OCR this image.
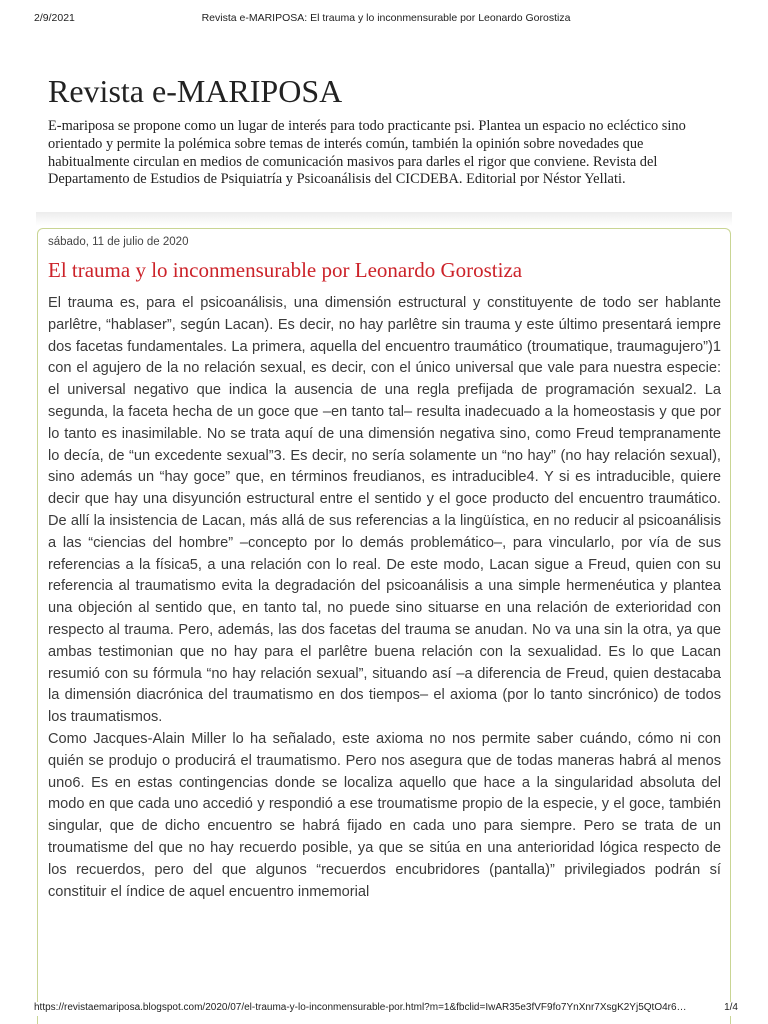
2/9/2021	Revista e-MARIPOSA: El trauma y lo inconmensurable por Leonardo Gorostiza
Revista e-MARIPOSA

E-mariposa se propone como un lugar de interés para todo practicante psi. Plantea un espacio no ecléctico sino orientado y permite la polémica sobre temas de interés común, también la opinión sobre novedades que habitualmente circulan en medios de comunicación masivos para darles el rigor que conviene. Revista del Departamento de Estudios de Psiquiatría y Psicoanálisis del CICDEBA. Editorial por Néstor Yellati.

sábado, 11 de julio de 2020
El trauma y lo inconmensurable por Leonardo Gorostiza

El trauma es, para el psicoanálisis, una dimensión estructural y constituyente de todo ser hablante parlêtre, “hablaser”, según Lacan). Es decir, no hay parlêtre sin trauma y este último presentará iempre dos facetas fundamentales. La primera, aquella del encuentro traumático (troumatique, traumagujero”)1 con el agujero de la no relación sexual, es decir, con el único universal que vale para nuestra especie: el universal negativo que indica la ausencia de una regla prefijada de programación sexual2. La segunda, la faceta hecha de un goce que –en tanto tal– resulta inadecuado a la homeostasis y que por lo tanto es inasimilable. No se trata aquí de una dimensión negativa sino, como Freud tempranamente lo decía, de “un excedente sexual”3. Es decir, no sería solamente un “no hay” (no hay relación sexual), sino además un “hay goce” que, en términos freudianos, es intraducible4. Y si es intraducible, quiere decir que hay una disyunción estructural entre el sentido y el goce producto del encuentro traumático. De allí la insistencia de Lacan, más allá de sus referencias a la lingüística, en no reducir al psicoanálisis a las “ciencias del hombre” –concepto por lo demás problemático–, para vincularlo, por vía de sus referencias a la física5, a una relación con lo real. De este modo, Lacan sigue a Freud, quien con su referencia al traumatismo evita la degradación del psicoanálisis a una simple hermenéutica y plantea una objeción al sentido que, en tanto tal, no puede sino situarse en una relación de exterioridad con respecto al trauma. Pero, además, las dos facetas del trauma se anudan. No va una sin la otra, ya que ambas testimonian que no hay para el parlêtre buena relación con la sexualidad. Es lo que Lacan resumió con su fórmula “no hay relación sexual”, situando así –a diferencia de Freud, quien destacaba la dimensión diacrónica del traumatismo en dos tiempos– el axioma (por lo tanto sincrónico) de todos los traumatismos.

Como Jacques-Alain Miller lo ha señalado, este axioma no nos permite saber cuándo, cómo ni con quién se produjo o producirá el traumatismo. Pero nos asegura que de todas maneras habrá al menos uno6. Es en estas contingencias donde se localiza aquello que hace a la singularidad absoluta del modo en que cada uno accedió y respondió a ese troumatisme propio de la especie, y el goce, también singular, que de dicho encuentro se habrá fijado en cada uno para siempre. Pero se trata de un troumatisme del que no hay recuerdo posible, ya que se sitúa en una anterioridad lógica respecto de los recuerdos, pero del que algunos “recuerdos encubridores (pantalla)” privilegiados podrán sí constituir el índice de aquel encuentro inmemorial

https://revistaemariposa.blogspot.com/2020/07/el-trauma-y-lo-inconmensurable-por.html?m=1&fbclid=IwAR35e3fVF9fo7YnXnr7XsgK2Yj5QtO4r6…	1/4
